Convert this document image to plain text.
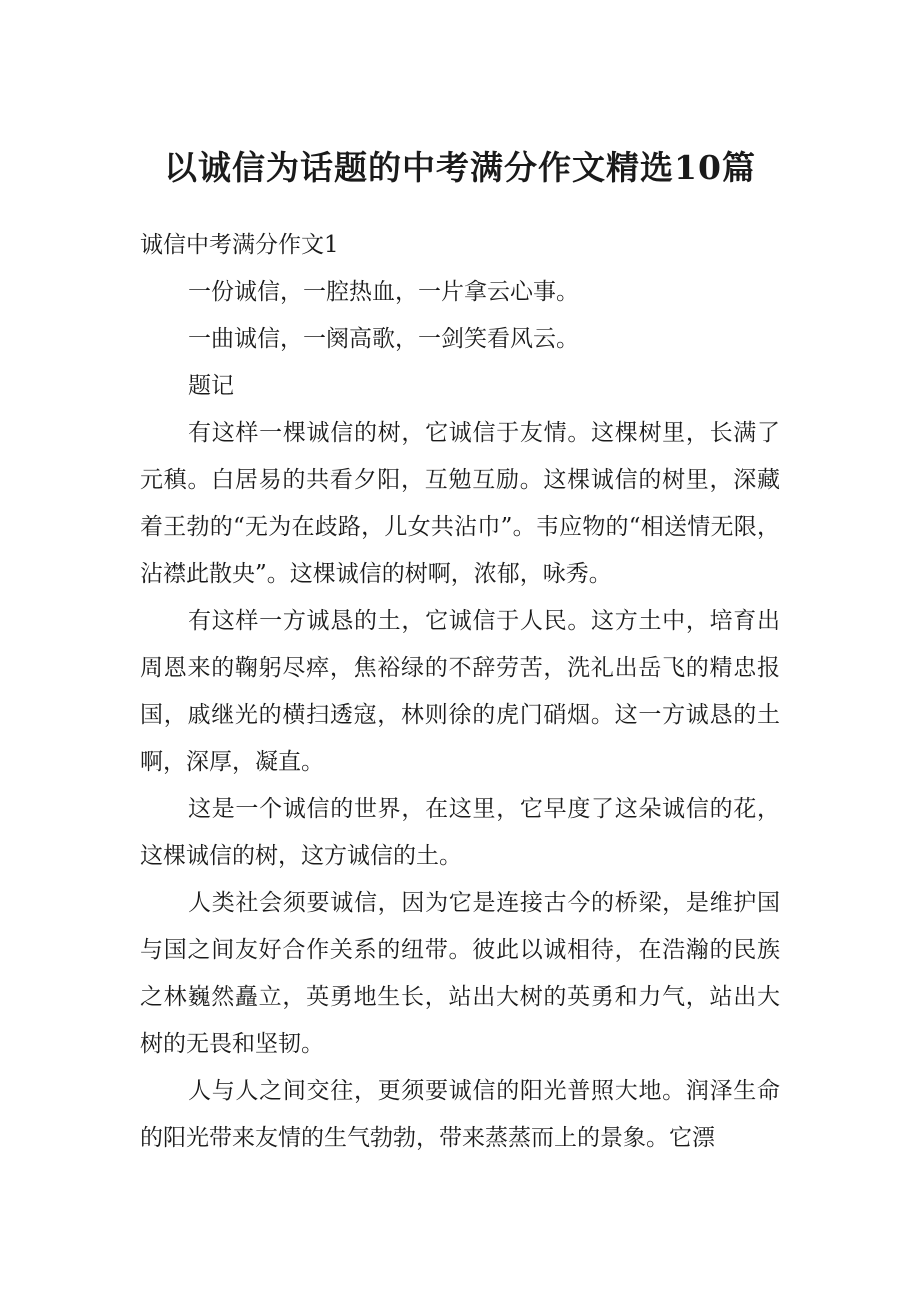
以诚信为话题的中考满分作文精选10篇

诚信中考满分作文1

一份诚信，一腔热血，一片拿云心事。

一曲诚信，一阕高歌，一剑笑看风云。

题记

有这样一棵诚信的树，它诚信于友情。这棵树里，长满了元稹。白居易的共看夕阳，互勉互励。这棵诚信的树里，深藏着王勃的“无为在歧路，儿女共沾巾”。韦应物的“相送情无限，沾襟此散央”。这棵诚信的树啊，浓郁，咏秀。

有这样一方诚恳的土，它诚信于人民。这方土中，培育出周恩来的鞠躬尽瘁，焦裕绿的不辞劳苦，洗礼出岳飞的精忠报国，戚继光的横扫透寇，林则徐的虎门硝烟。这一方诚恳的土啊，深厚，凝直。

这是一个诚信的世界，在这里，它早度了这朵诚信的花，这棵诚信的树，这方诚信的土。

人类社会须要诚信，因为它是连接古今的桥梁，是维护国与国之间友好合作关系的纽带。彼此以诚相待，在浩瀚的民族之林巍然矗立，英勇地生长，站出大树的英勇和力气，站出大树的无畏和坚韧。

人与人之间交往，更须要诚信的阳光普照大地。润泽生命的阳光带来友情的生气勃勃，带来蒸蒸而上的景象。它漂
